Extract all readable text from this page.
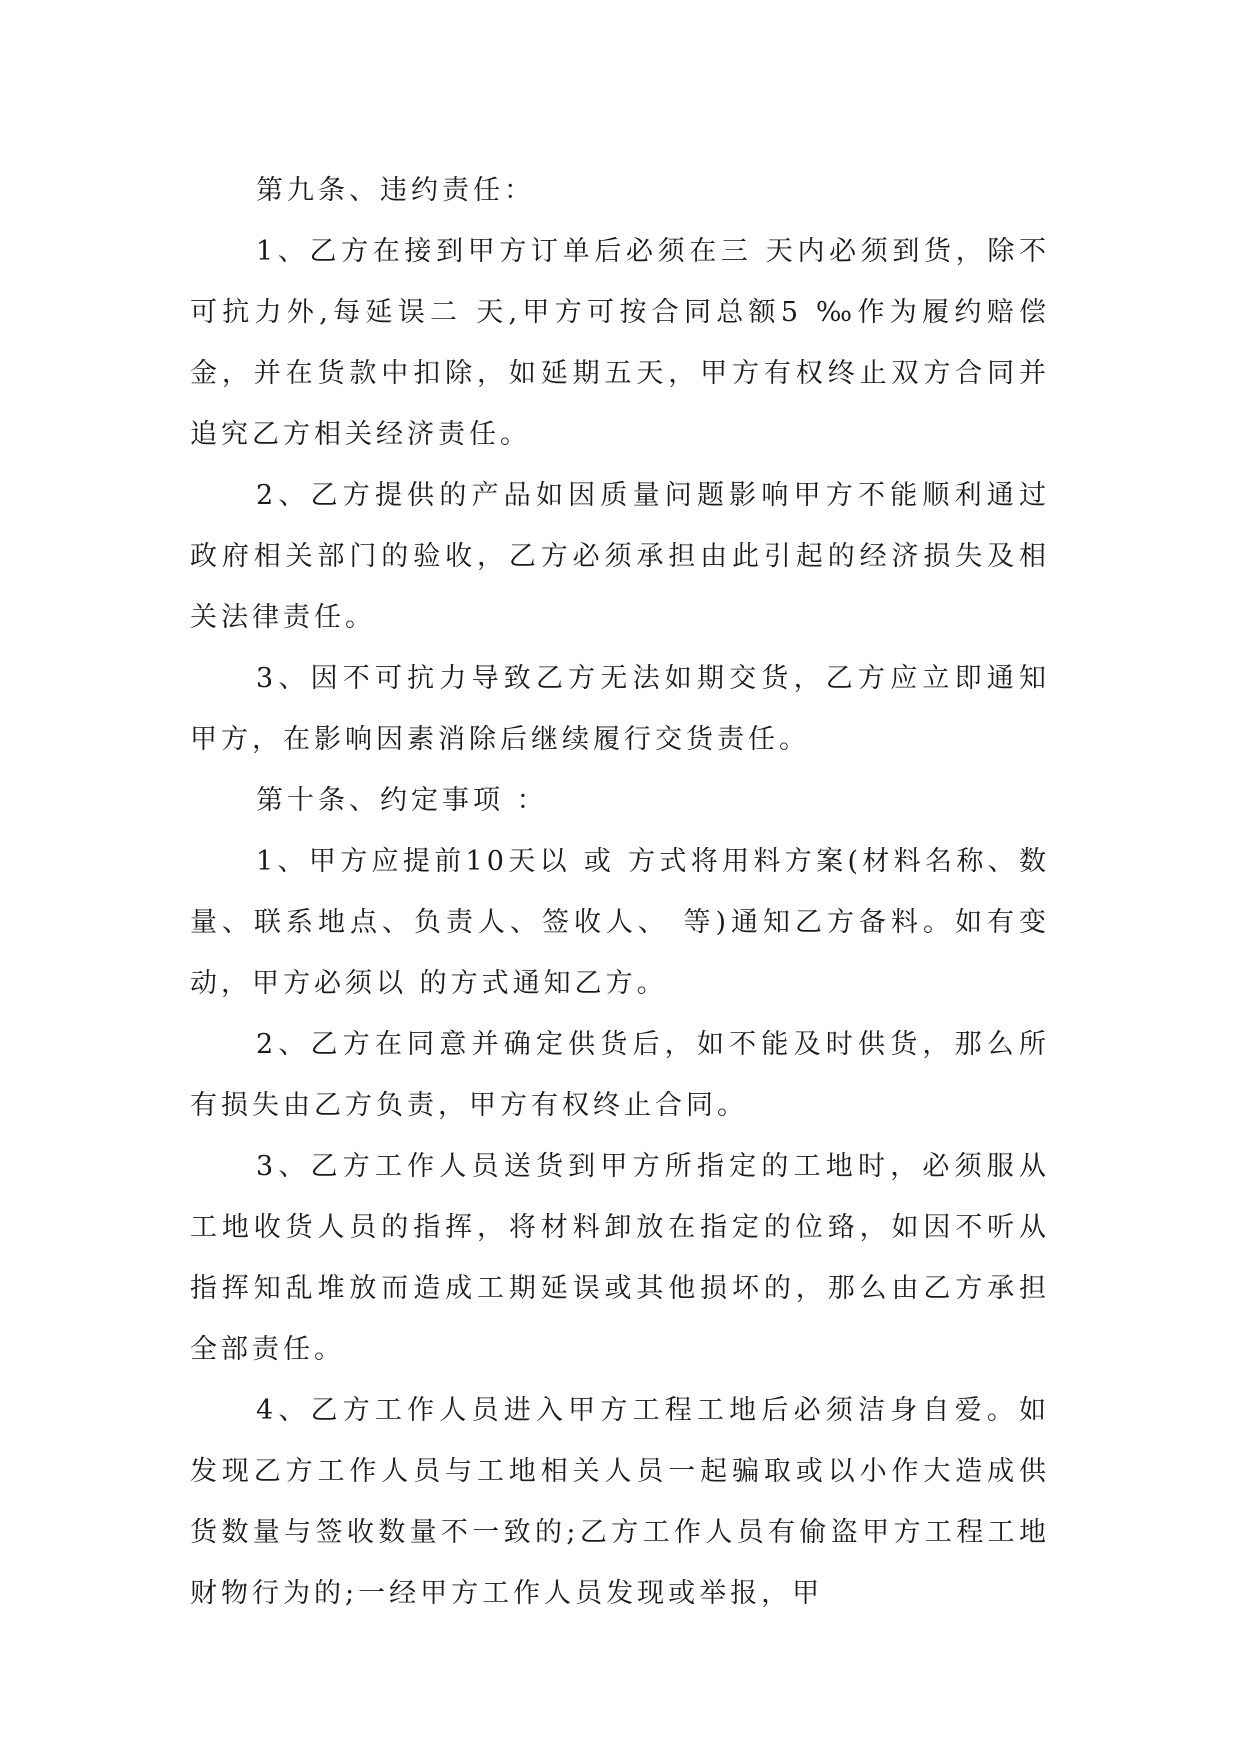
第九条、违约责任：

1、乙方在接到甲方订单后必须在三 天内必须到货，除不可抗力外,每延误二 天,甲方可按合同总额5 ‰作为履约赔偿金，并在货款中扣除，如延期五天，甲方有权终止双方合同并追究乙方相关经济责任。

2、乙方提供的产品如因质量问题影响甲方不能顺利通过政府相关部门的验收，乙方必须承担由此引起的经济损失及相关法律责任。

3、因不可抗力导致乙方无法如期交货，乙方应立即通知甲方，在影响因素消除后继续履行交货责任。

第十条、约定事项 ：

1、甲方应提前10天以 或 方式将用料方案(材料名称、数量、联系地点、负责人、签收人、 等)通知乙方备料。如有变动，甲方必须以 的方式通知乙方。

2、乙方在同意并确定供货后，如不能及时供货，那么所有损失由乙方负责，甲方有权终止合同。

3、乙方工作人员送货到甲方所指定的工地时，必须服从工地收货人员的指挥，将材料卸放在指定的位臵，如因不听从指挥知乱堆放而造成工期延误或其他损坏的，那么由乙方承担全部责任。

4、乙方工作人员进入甲方工程工地后必须洁身自爱。如发现乙方工作人员与工地相关人员一起骗取或以小作大造成供货数量与签收数量不一致的;乙方工作人员有偷盗甲方工程工地财物行为的;一经甲方工作人员发现或举报，甲
